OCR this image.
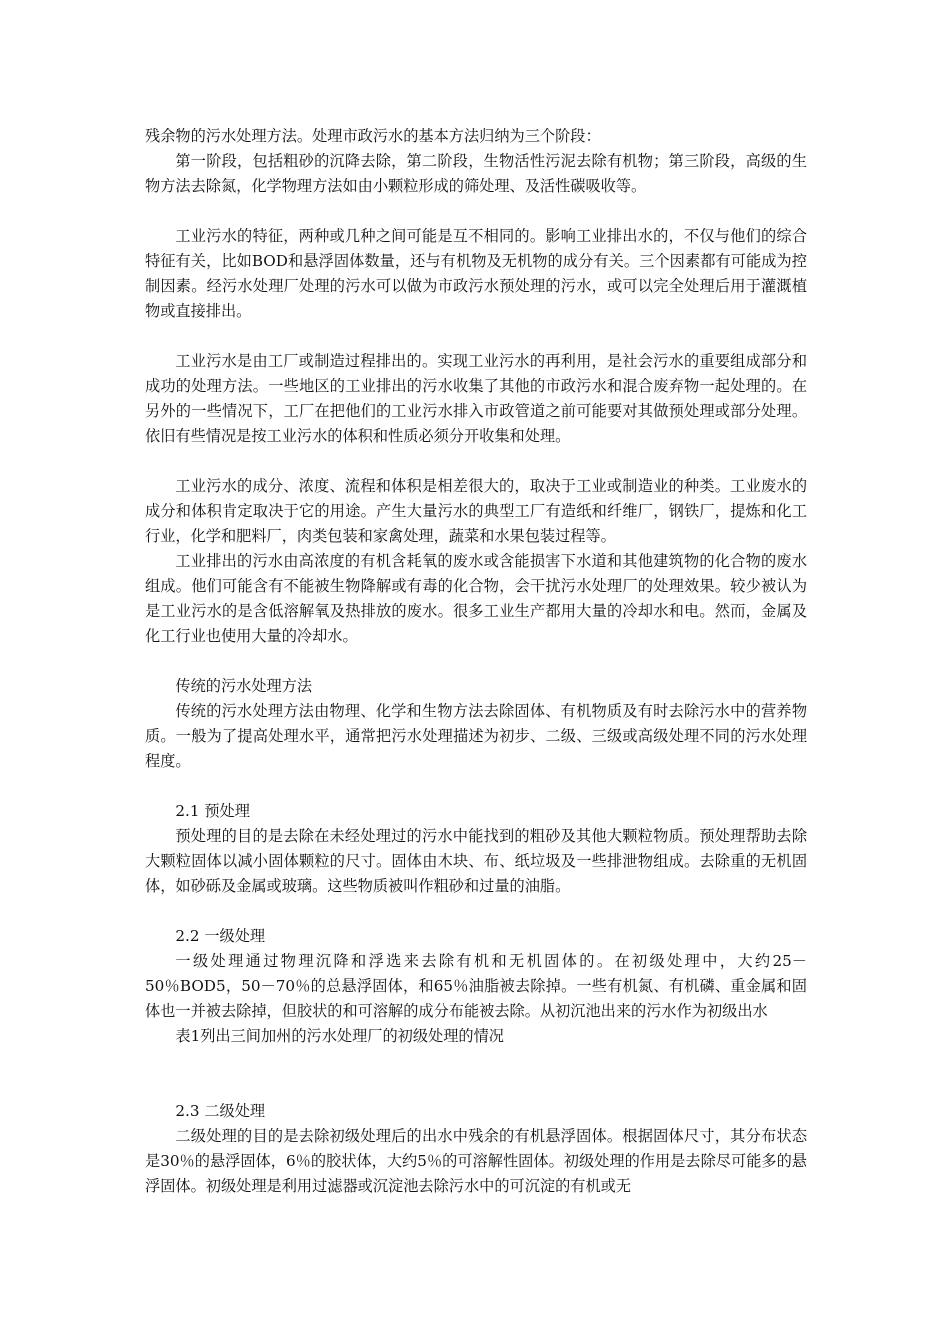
残余物的污水处理方法。处理市政污水的基本方法归纳为三个阶段：

第一阶段，包括粗砂的沉降去除，第二阶段，生物活性污泥去除有机物；第三阶段，高级的生物方法去除氮，化学物理方法如由小颗粒形成的筛处理、及活性碳吸收等。

工业污水的特征，两种或几种之间可能是互不相同的。影响工业排出水的，不仅与他们的综合特征有关，比如BOD和悬浮固体数量，还与有机物及无机物的成分有关。三个因素都有可能成为控制因素。经污水处理厂处理的污水可以做为市政污水预处理的污水，或可以完全处理后用于灌溉植物或直接排出。

工业污水是由工厂或制造过程排出的。实现工业污水的再利用，是社会污水的重要组成部分和成功的处理方法。一些地区的工业排出的污水收集了其他的市政污水和混合废弃物一起处理的。在另外的一些情况下，工厂在把他们的工业污水排入市政管道之前可能要对其做预处理或部分处理。依旧有些情况是按工业污水的体积和性质必须分开收集和处理。

工业污水的成分、浓度、流程和体积是相差很大的，取决于工业或制造业的种类。工业废水的成分和体积肯定取决于它的用途。产生大量污水的典型工厂有造纸和纤维厂，钢铁厂，提炼和化工行业，化学和肥料厂，肉类包装和家禽处理，蔬菜和水果包装过程等。

工业排出的污水由高浓度的有机含耗氧的废水或含能损害下水道和其他建筑物的化合物的废水组成。他们可能含有不能被生物降解或有毒的化合物，会干扰污水处理厂的处理效果。较少被认为是工业污水的是含低溶解氧及热排放的废水。很多工业生产都用大量的冷却水和电。然而，金属及化工行业也使用大量的冷却水。

传统的污水处理方法

传统的污水处理方法由物理、化学和生物方法去除固体、有机物质及有时去除污水中的营养物质。一般为了提高处理水平，通常把污水处理描述为初步、二级、三级或高级处理不同的污水处理程度。

2.1 预处理

预处理的目的是去除在未经处理过的污水中能找到的粗砂及其他大颗粒物质。预处理帮助去除大颗粒固体以减小固体颗粒的尺寸。固体由木块、布、纸垃圾及一些排泄物组成。去除重的无机固体，如砂砾及金属或玻璃。这些物质被叫作粗砂和过量的油脂。

2.2 一级处理

一级处理通过物理沉降和浮选来去除有机和无机固体的。在初级处理中，大约25－50％BOD5，50－70％的总悬浮固体，和65％油脂被去除掉。一些有机氮、有机磷、重金属和固体也一并被去除掉，但胶状的和可溶解的成分布能被去除。从初沉池出来的污水作为初级出水

表1列出三间加州的污水处理厂的初级处理的情况

2.3 二级处理

二级处理的目的是去除初级处理后的出水中残余的有机悬浮固体。根据固体尺寸，其分布状态是30％的悬浮固体，6％的胶状体，大约5％的可溶解性固体。初级处理的作用是去除尽可能多的悬浮固体。初级处理是利用过滤器或沉淀池去除污水中的可沉淀的有机或无
